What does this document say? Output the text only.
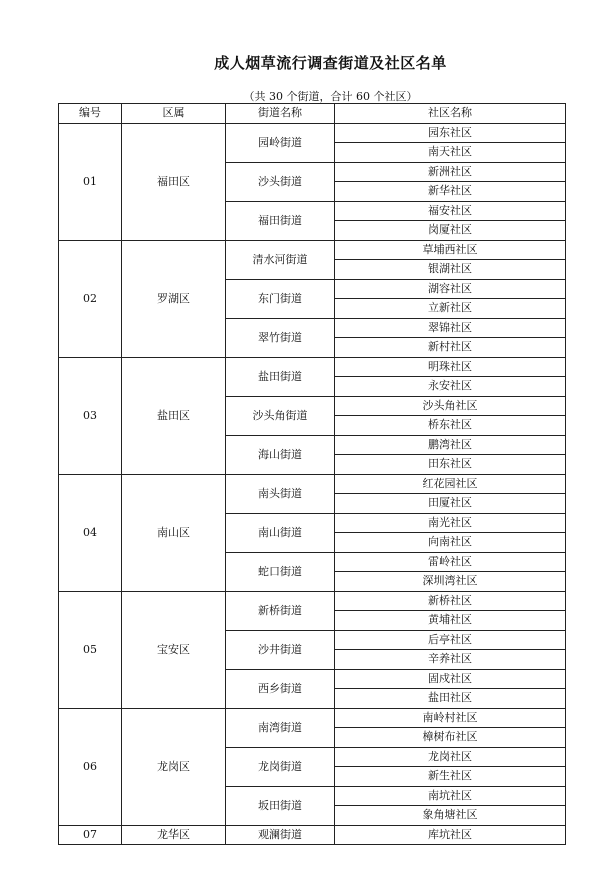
成人烟草流行调查街道及社区名单
（共 30 个街道，合计 60 个社区）
编号	区属	街道名称	社区名称
01	福田区	园岭街道	园东社区
			南天社区
		沙头街道	新洲社区
			新华社区
		福田街道	福安社区
			岗厦社区
02	罗湖区	清水河街道	草埔西社区
			银湖社区
		东门街道	湖容社区
			立新社区
		翠竹街道	翠锦社区
			新村社区
03	盐田区	盐田街道	明珠社区
			永安社区
		沙头角街道	沙头角社区
			桥东社区
		海山街道	鹏湾社区
			田东社区
04	南山区	南头街道	红花园社区
			田厦社区
		南山街道	南光社区
			向南社区
		蛇口街道	雷岭社区
			深圳湾社区
05	宝安区	新桥街道	新桥社区
			黄埔社区
		沙井街道	后亭社区
			辛养社区
		西乡街道	固戍社区
			盐田社区
06	龙岗区	南湾街道	南岭村社区
			樟树布社区
		龙岗街道	龙岗社区
			新生社区
		坂田街道	南坑社区
			象角塘社区
07	龙华区	观澜街道	库坑社区
